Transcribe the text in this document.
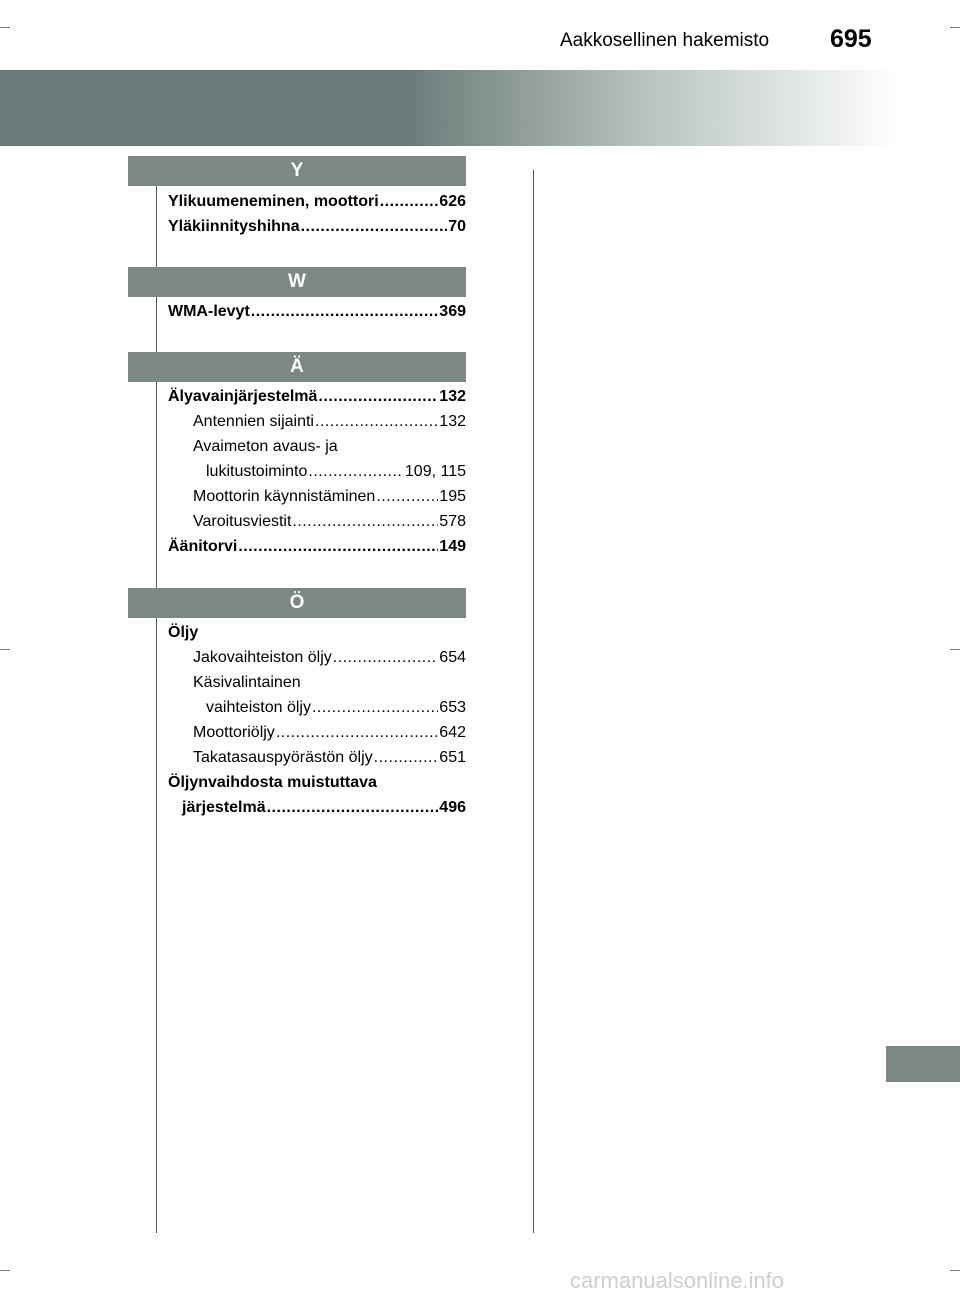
Aakkosellinen hakemisto 695
Y
Ylikuumeneminen, moottori .....	626
Yläkiinnityshihna .....	70
W
WMA-levyt .....	369
Ä
Älyavainjärjestelmä .....	132
Antennien sijainti .....	132
Avaimeton avaus- ja
lukitustoiminto .....	109, 115
Moottorin käynnistäminen .....	195
Varoitusviestit .....	578
Äänitorvi .....	149
Ö
Öljy
Jakovaihteiston öljy .....	654
Käsivalintainen
vaihteiston öljy .....	653
Moottoriöljy .....	642
Takatasauspyörästön öljy .....	651
Öljynvaihdosta muistuttava
järjestelmä .....	496
carmanualsonline.info
